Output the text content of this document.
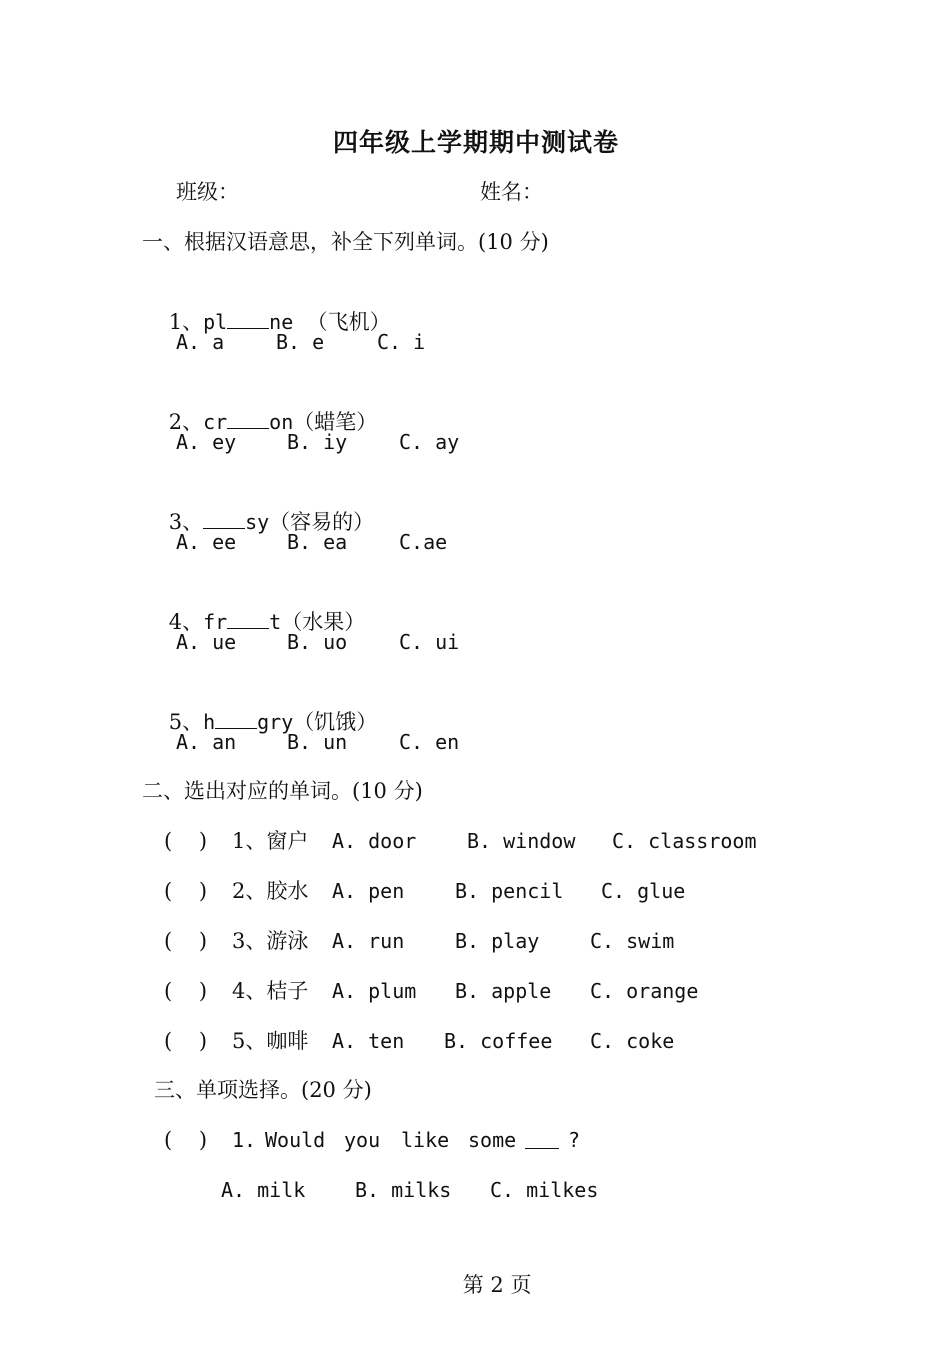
四年级上学期期中测试卷
班级：	姓名：
一、根据汉语意思，补全下列单词。(10 分)

1、pl ne  （飞机）

A. a	B. e	C. i

2、cr on（蜡笔）

A. ey	B. iy	C. ay

3、 sy（容易的）

A. ee	B. ea	C.ae

4、fr t（水果）

A. ue	B. uo	C. ui

5、h gry（饥饿）

A. an	B. un	C. en
二、选出对应的单词。(10 分)
(    ) 1、窗户 A. door	B. window C. classroom
(    ) 2、胶水 A. pen	B. pencil C. glue
(    ) 3、游泳 A. run	B. play	C. swim
(    ) 4、桔子 A. plum B. apple C. orange
(    ) 5、咖啡 A. ten B. coffee C. coke
三、单项选择。(20 分)
(    ) 1. Would you like some	?
A. milk B. milks C. milkes

第 2 页
